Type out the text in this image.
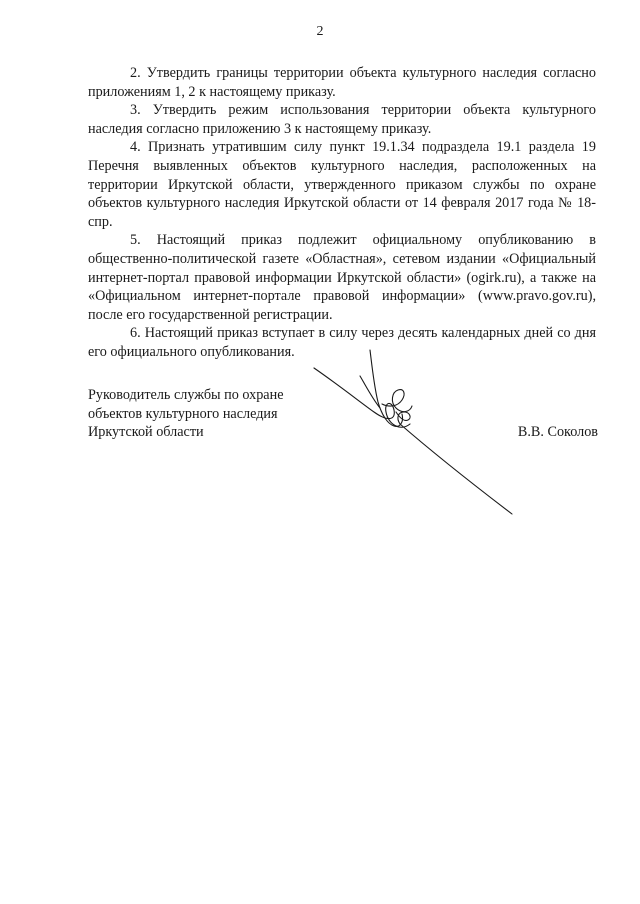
2

2. Утвердить границы территории объекта культурного наследия согласно приложениям 1, 2 к настоящему приказу.

3. Утвердить режим использования территории объекта культурного наследия согласно приложению 3 к настоящему приказу.

4. Признать утратившим силу пункт 19.1.34 подраздела 19.1 раздела 19 Перечня выявленных объектов культурного наследия, расположенных на территории Иркутской области, утвержденного приказом службы по охране объектов культурного наследия Иркутской области от 14 февраля 2017 года № 18-спр.

5. Настоящий приказ подлежит официальному опубликованию в общественно-политической газете «Областная», сетевом издании «Официальный интернет-портал правовой информации Иркутской области» (ogirk.ru), а также на «Официальном интернет-портале правовой информации» (www.pravo.gov.ru), после его государственной регистрации.

6. Настоящий приказ вступает в силу через десять календарных дней со дня его официального опубликования.

Руководитель службы по охране
объектов культурного наследия
Иркутской области	В.В. Соколов
